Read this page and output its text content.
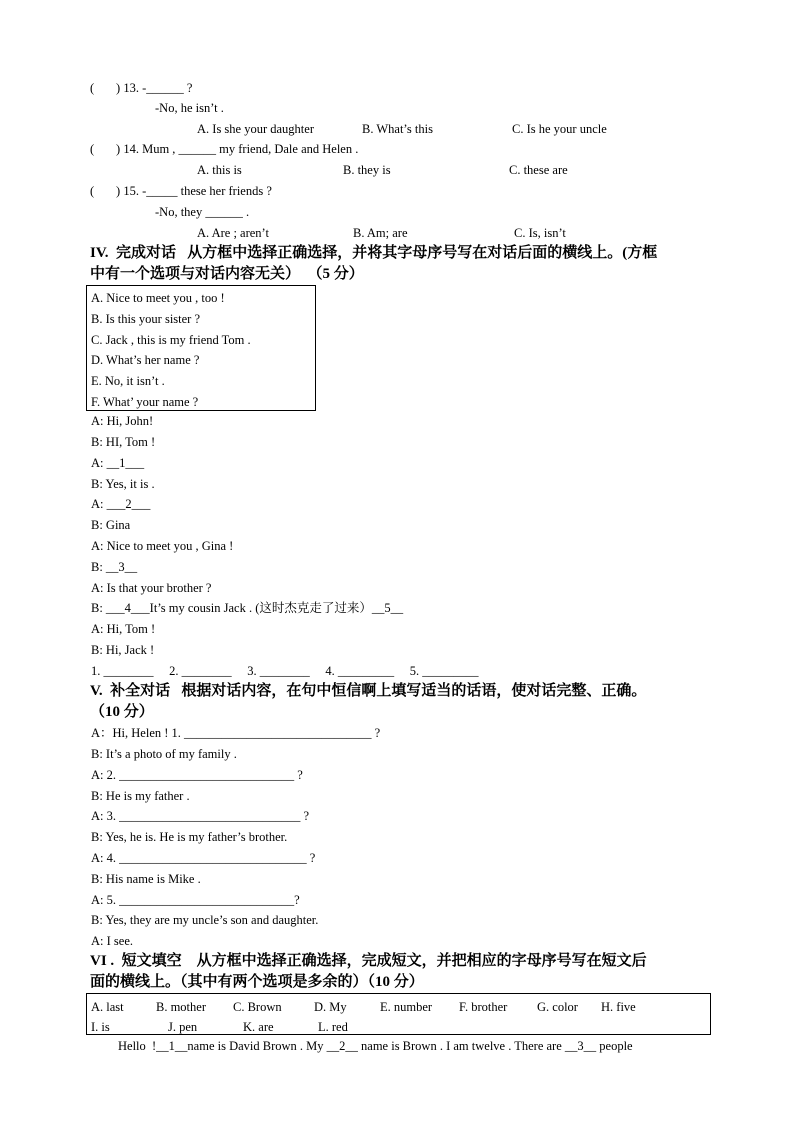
(       ) 13. -______ ?
-No, he isn’t .
A. Is she your daughter	B. What’s this	C. Is he your uncle
(       ) 14. Mum , ______ my friend, Dale and Helen .
A. this is	B. they is	C. these are
(       ) 15. -_____ these her friends ?
-No, they ______ .
A. Are ; aren’t	B. Am; are	C. Is, isn’t
IV.  完成对话   从方框中选择正确选择，并将其字母序号写在对话后面的横线上。(方框
中有一个选项与对话内容无关）  （5 分）
A. Nice to meet you , too !
B. Is this your sister ?
C. Jack , this is my friend Tom .
D. What’s her name ?
E. No, it isn’t .
F. What’ your name ?
A: Hi, John!
B: HI, Tom !
A: __1___
B: Yes, it is .
A: ___2___
B: Gina
A: Nice to meet you , Gina !
B: __3__
A: Is that your brother ?
B: ___4___It’s my cousin Jack . (这时杰克走了过来）__5__
A: Hi, Tom !
B: Hi, Jack !
1. ________     2. ________     3. ________     4. _________     5. _________
V.  补全对话   根据对话内容，在句中恒信啊上填写适当的话语，使对话完整、正确。
（10 分）
A：Hi, Helen ! 1. ______________________________ ?
B: It’s a photo of my family .
A: 2. ____________________________ ?
B: He is my father .
A: 3. _____________________________ ?
B: Yes, he is. He is my father’s brother.
A: 4. ______________________________ ?
B: His name is Mike .
A: 5. ____________________________?
B: Yes, they are my uncle’s son and daughter.
A: I see.
VI .  短文填空    从方框中选择正确选择，完成短文，并把相应的字母序号写在短文后
面的横线上。（其中有两个选项是多余的）（10 分）
A. last	B. mother C. Brown	D. My	E. number F. brother G. color H. five
I. is	J. pen	K. are	L. red
Hello  !__1__name is David Brown . My __2__ name is Brown . I am twelve . There are __3__ people
